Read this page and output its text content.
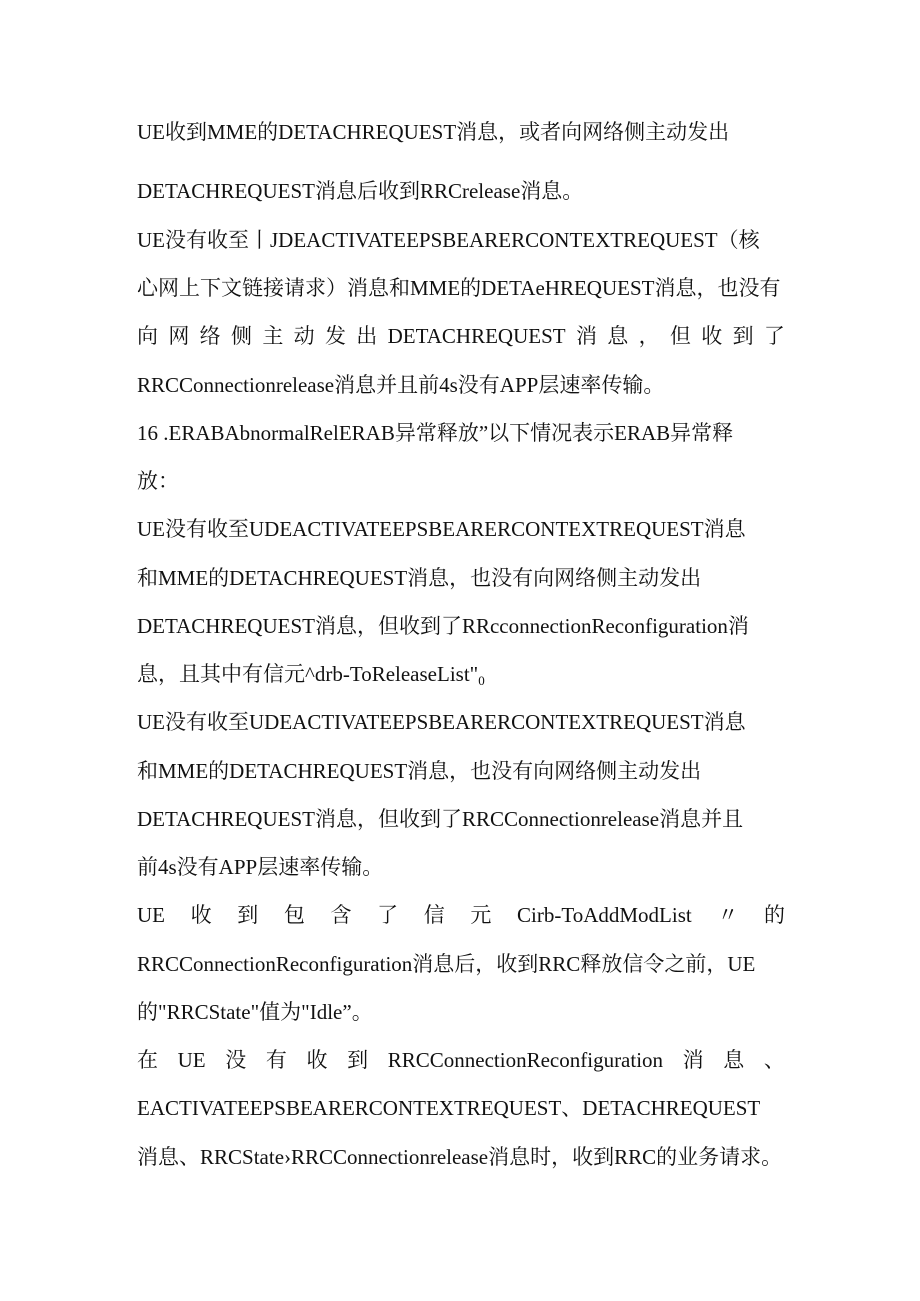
UE收到MME的DETACHREQUEST消息，或者向网络侧主动发出
DETACHREQUEST消息后收到RRCrelease消息。
UE没有收至丨JDEACTIVATEEPSBEARERCONTEXTREQUEST（核
心网上下文链接请求）消息和MME的DETAeHREQUEST消息，也没有
向 网 络 侧 主 动 发 出 DETACHREQUEST 消 息 ， 但 收 到 了
RRCConnectionrelease消息并且前4s没有APP层速率传输。
16 .ERABAbnormalRelERAB异常释放”以下情况表示ERAB异常释
放：
UE没有收至UDEACTIVATEEPSBEARERCONTEXTREQUEST消息
和MME的DETACHREQUEST消息，也没有向网络侧主动发出
DETACHREQUEST消息，但收到了RRcconnectionReconfiguration消
息，且其中有信元$\^{}drb-ToReleaseList"_0$
UE没有收至UDEACTIVATEEPSBEARERCONTEXTREQUEST消息
和MME的DETACHREQUEST消息，也没有向网络侧主动发出
DETACHREQUEST消息，但收到了RRCConnectionrelease消息并且
前4s没有APP层速率传输。
UE 收 到 包 含 了 信 元 Cirb-ToAddModList 〃 的
RRCConnectionReconfiguration消息后，收到RRC释放信令之前，UE
的"RRCState"值为"Idle”。
在 UE 没 有 收 到 RRCConnectionReconfiguration 消 息 、
EACTIVATEEPSBEARERCONTEXTREQUEST、DETACHREQUEST
消息、RRCState›RRCConnectionrelease消息时，收到RRC的业务请求。
